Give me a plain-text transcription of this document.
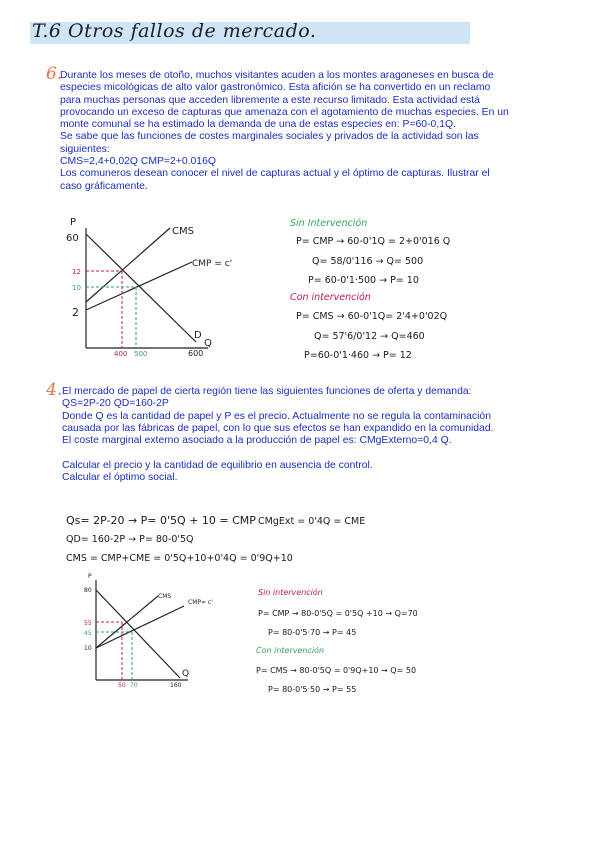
T.6 Otros fallos de mercado.
6.
Durante los meses de otoño, muchos visitantes acuden a los montes aragoneses en busca de
especies micológicas de alto valor gastronómico. Esta afición se ha convertido en un reclamo
para muchas personas que acceden libremente a este recurso limitado. Esta actividad está
provocando un exceso de capturas que amenaza con el agotamiento de muchas especies. En un
monte comunal se ha estimado la demanda de una de estas especies en: P=60-0,1Q.
Se sabe que las funciones de costes marginales sociales y privados de la actividad son las
siguientes:
CMS=2,4+0,02Q CMP=2+0.016Q
Los comuneros desean conocer el nivel de capturas actual y el óptimo de capturas. Ilustrar el
caso gráficamente.
P
60
12
10
2
400 500	600
CMS
CMP = c'
D
Q
Sin Intervención
P= CMP → 60-0'1Q = 2+0'016 Q
Q= 58/0'116 → Q= 500
P= 60-0'1·500 → P= 10
Con intervención
P= CMS → 60-0'1Q= 2'4+0'02Q
Q= 57'6/0'12 → Q=460
P=60-0'1·460 → P= 12
4. El mercado de papel de cierta región tiene las siguientes funciones de oferta y demanda:
QS=2P-20 QD=160-2P
Donde Q es la cantidad de papel y P es el precio. Actualmente no se regula la contaminación
causada por las fábricas de papel, con lo que sus efectos se han expandido en la comunidad.
El coste marginal externo asociado a la producción de papel es: CMgExterno=0,4 Q.

Calcular el precio y la cantidad de equilibrio en ausencia de control.
Calcular el óptimo social.
Qs= 2P-20 → P= 0'5Q + 10 = CMP CMgExt = 0'4Q = CME
QD= 160-2P → P= 80-0'5Q
CMS = CMP+CME = 0'5Q+10+0'4Q = 0'9Q+10
P
80
55
45
10
50 70	160
CMS
CMP= c'
Q
Sin intervención
P= CMP → 80-0'5Q = 0'5Q +10 → Q=70
P= 80-0'5·70 → P= 45
Con intervención
P= CMS → 80-0'5Q = 0'9Q+10 → Q= 50
P= 80-0'5·50 → P= 55
